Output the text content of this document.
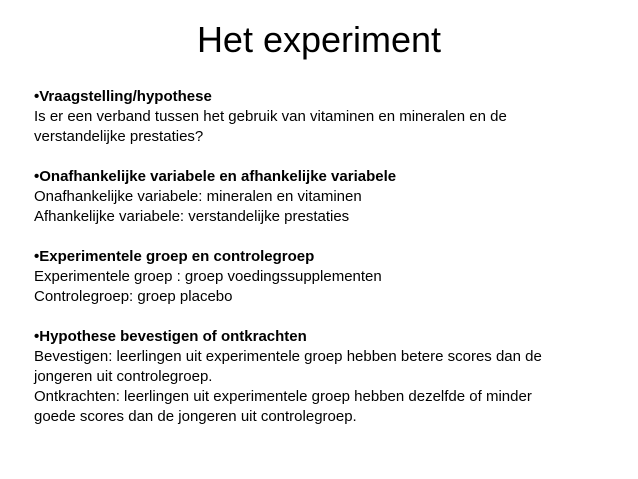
Het experiment

•Vraagstelling/hypothese

Is er een verband tussen het gebruik van vitaminen en mineralen en de

verstandelijke prestaties?

•Onafhankelijke variabele en afhankelijke variabele

Onafhankelijke variabele: mineralen en vitaminen

Afhankelijke variabele: verstandelijke prestaties

•Experimentele groep en controlegroep

Experimentele groep : groep voedingssupplementen

Controlegroep: groep placebo

•Hypothese bevestigen of ontkrachten

Bevestigen: leerlingen uit experimentele groep hebben betere scores dan de

jongeren uit controlegroep.

Ontkrachten: leerlingen uit experimentele groep hebben dezelfde of minder

goede scores dan de jongeren uit controlegroep.
